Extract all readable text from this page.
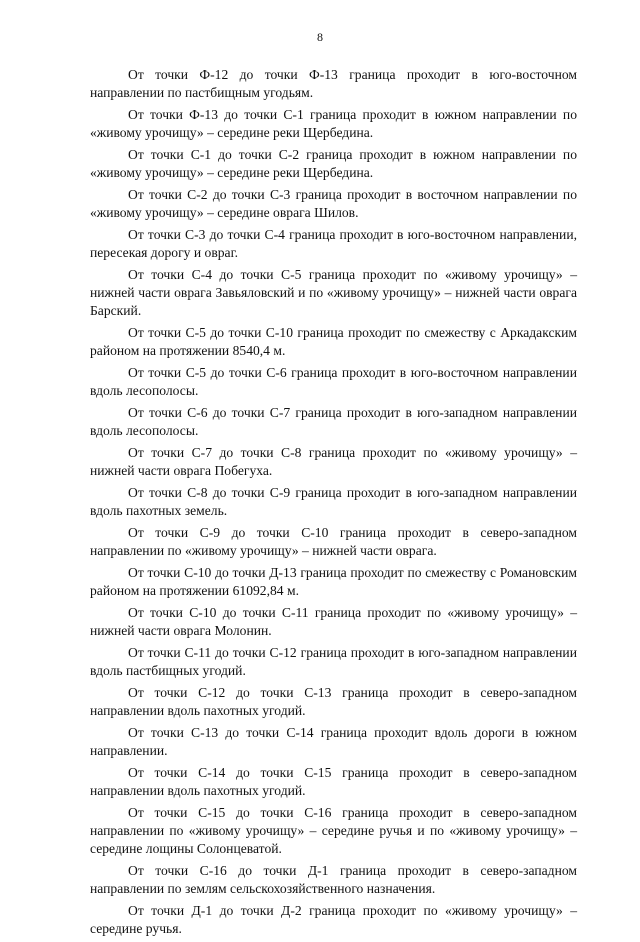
8

От точки Ф-12 до точки Ф-13 граница проходит в юго-восточном направлении по пастбищным угодьям.

От точки Ф-13 до точки С-1 граница проходит в южном направлении по «живому урочищу» – середине реки Щербедина.

От точки С-1 до точки С-2 граница проходит в южном направлении по «живому урочищу» – середине реки Щербедина.

От точки С-2 до точки С-3 граница проходит в восточном направлении по «живому урочищу» – середине оврага Шилов.

От точки С-3 до точки С-4 граница проходит в юго-восточном направлении, пересекая дорогу и овраг.

От точки С-4 до точки С-5 граница проходит по «живому урочищу» – нижней части оврага Завьяловский и по «живому урочищу» – нижней части оврага Барский.

От точки С-5 до точки С-10 граница проходит по смежеству с Аркадакским районом на протяжении 8540,4 м.

От точки С-5 до точки С-6 граница проходит в юго-восточном направлении вдоль лесополосы.

От точки С-6 до точки С-7 граница проходит в юго-западном направлении вдоль лесополосы.

От точки С-7 до точки С-8 граница проходит по «живому урочищу» – нижней части оврага Побегуха.

От точки С-8 до точки С-9 граница проходит в юго-западном направлении вдоль пахотных земель.

От точки С-9 до точки С-10 граница проходит в северо-западном направлении по «живому урочищу» – нижней части оврага.

От точки С-10 до точки Д-13 граница проходит по смежеству с Романовским районом на протяжении 61092,84 м.

От точки С-10 до точки С-11 граница проходит по «живому урочищу» – нижней части оврага Молонин.

От точки С-11 до точки С-12 граница проходит в юго-западном направлении вдоль пастбищных угодий.

От точки С-12 до точки С-13 граница проходит в северо-западном направлении вдоль пахотных угодий.

От точки С-13 до точки С-14 граница проходит вдоль дороги в южном направлении.

От точки С-14 до точки С-15 граница проходит в северо-западном направлении вдоль пахотных угодий.

От точки С-15 до точки С-16 граница проходит в северо-западном направлении по «живому урочищу» – середине ручья и по «живому урочищу» – середине лощины Солонцеватой.

От точки С-16 до точки Д-1 граница проходит в северо-западном направлении по землям сельскохозяйственного назначения.

От точки Д-1 до точки Д-2 граница проходит по «живому урочищу» – середине ручья.
